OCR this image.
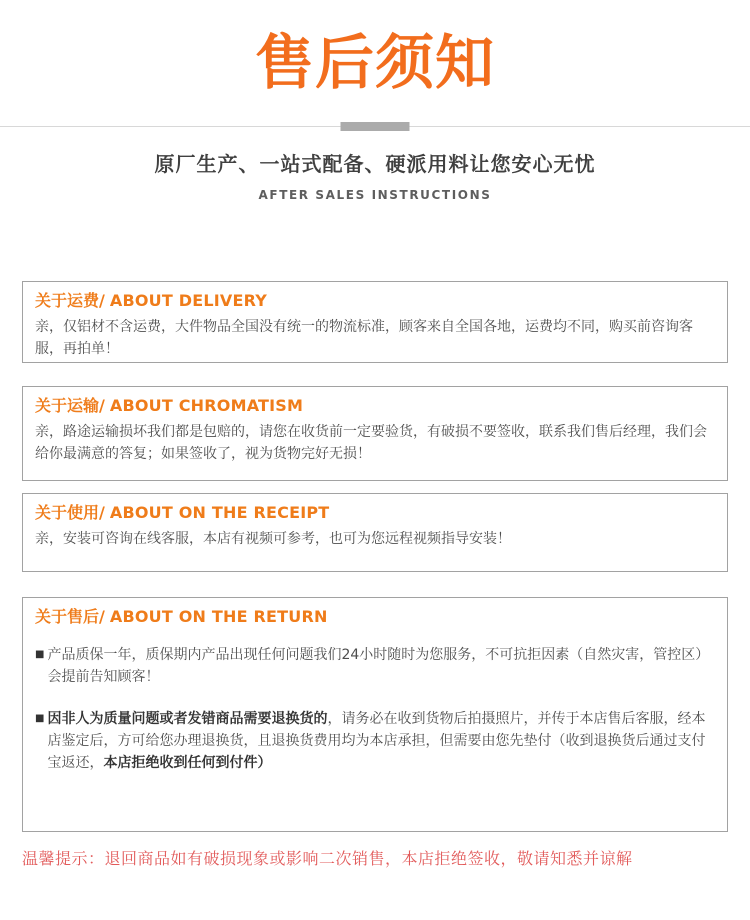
售后须知
原厂生产、一站式配备、硬派用料让您安心无忧
AFTER SALES INSTRUCTIONS
关于运费/ ABOUT DELIVERY

亲，仅铝材不含运费，大件物品全国没有统一的物流标准，顾客来自全国各地，运费均不同，购买前咨询客服，再拍单！

关于运输/ ABOUT CHROMATISM

亲，路途运输损坏我们都是包赔的，请您在收货前一定要验货，有破损不要签收，联系我们售后经理，我们会给你最满意的答复；如果签收了，视为货物完好无损！

关于使用/ ABOUT ON THE RECEIPT

亲，安装可咨询在线客服，本店有视频可参考，也可为您远程视频指导安装！

关于售后/ ABOUT ON THE RETURN
■ 产品质保一年，质保期内产品出现任何问题我们24小时随时为您服务，不可抗拒因素（自然灾害，管控区）会提前告知顾客！

■ 因非人为质量问题或者发错商品需要退换货的，请务必在收到货物后拍摄照片，并传于本店售后客服，经本店鉴定后，方可给您办理退换货，且退换货费用均为本店承担，但需要由您先垫付（收到退换货后通过支付宝返还，本店拒绝收到任何到付件）

温馨提示：退回商品如有破损现象或影响二次销售，本店拒绝签收，敬请知悉并谅解
